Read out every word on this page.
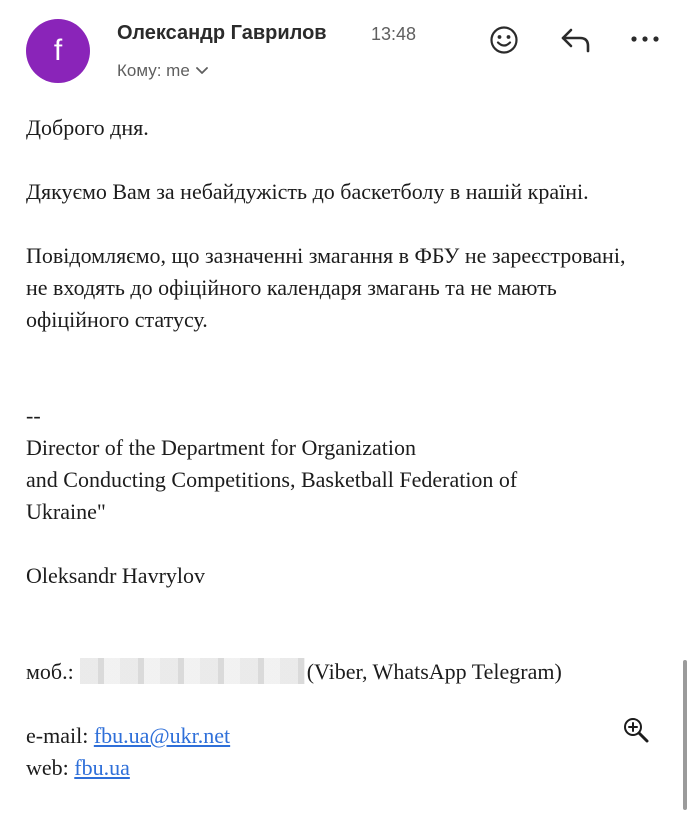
f
Олександр Гаврилов 13:48
Кому: me

Доброго дня.

Дякуємо Вам за небайдужість до баскетболу в нашій країні.

Повідомляємо, що зазначенні змагання в ФБУ не зареєстровані, не входять до офіційного календаря змагань та не мають офіційного статусу.

--

Director of the Department for Organization

and Conducting Competitions, Basketball Federation of

Ukraine"

Oleksandr Havrylov

моб.:	(Viber, WhatsApp Telegram)

e-mail: fbu.ua@ukr.net

web: fbu.ua
